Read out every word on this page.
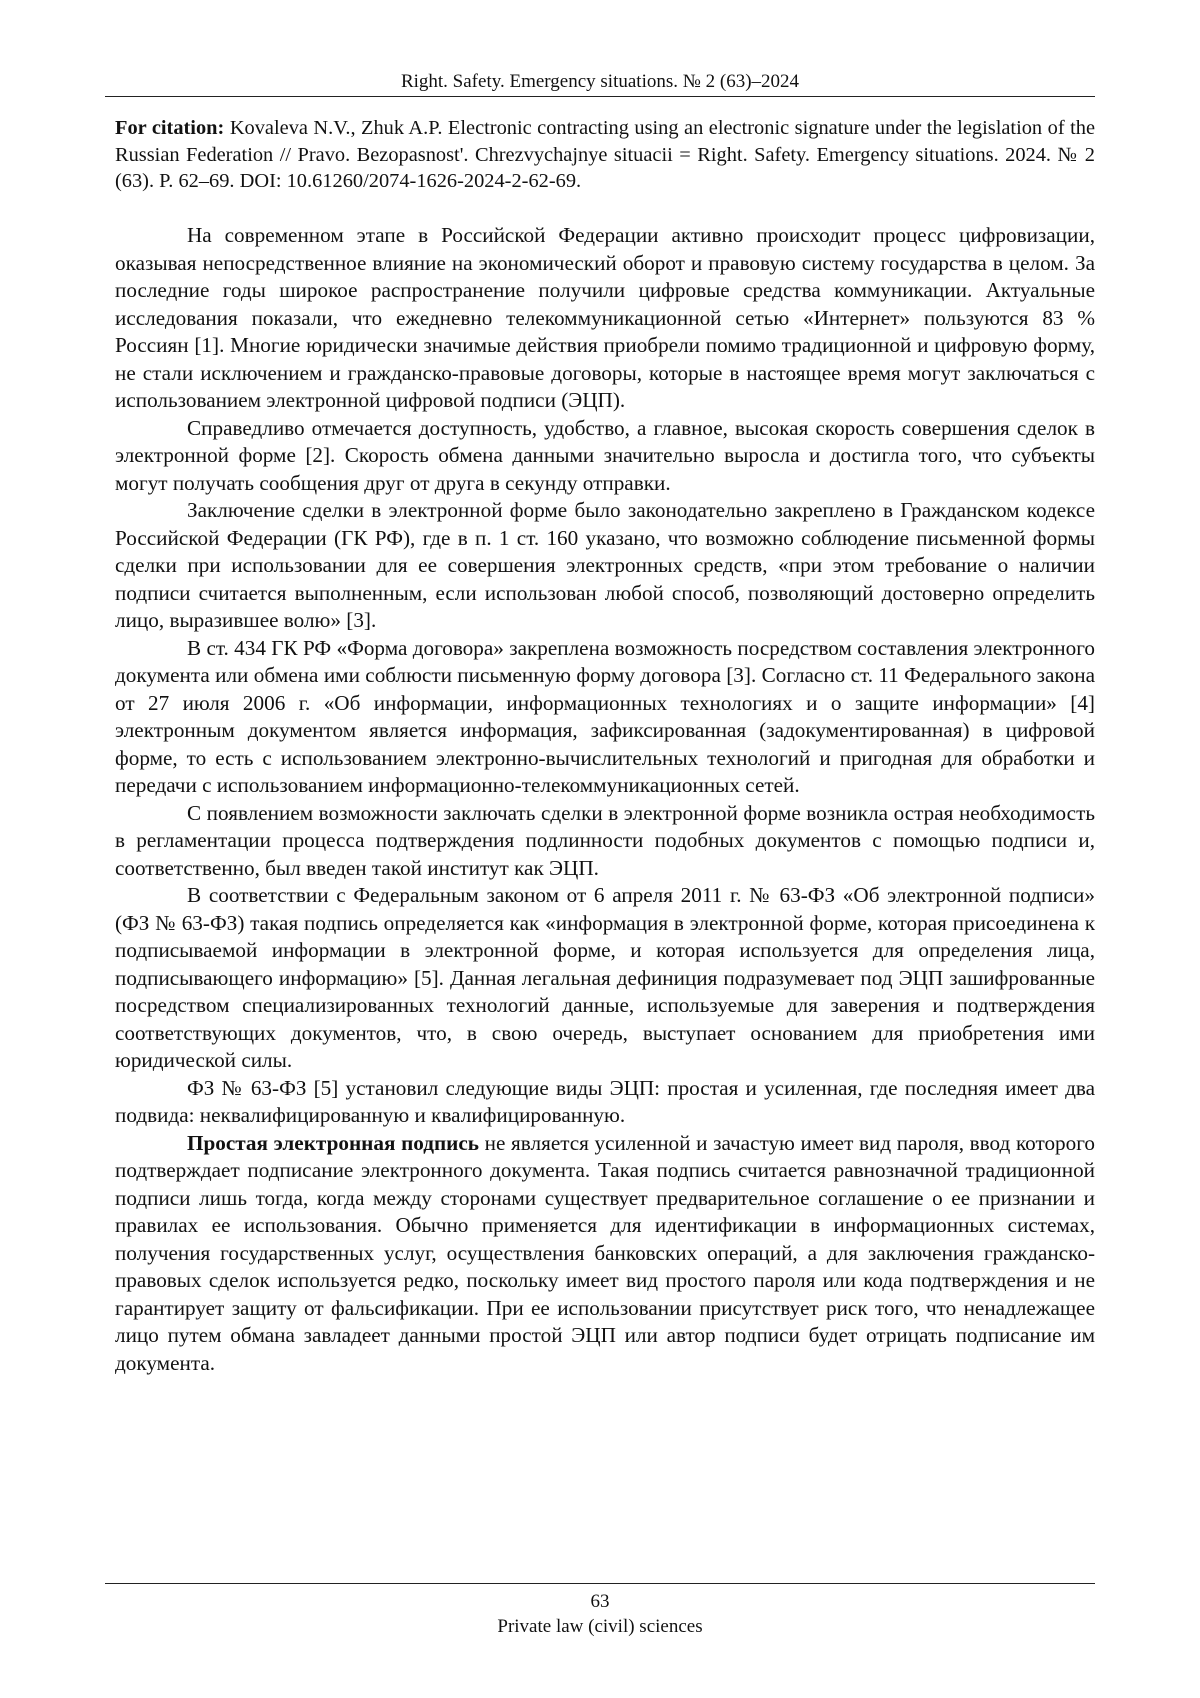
Right. Safety. Emergency situations. № 2 (63)–2024
For citation: Kovaleva N.V., Zhuk A.P. Electronic contracting using an electronic signature under the legislation of the Russian Federation // Pravo. Bezopasnost'. Chrezvychajnye situacii = Right. Safety. Emergency situations. 2024. № 2 (63). P. 62–69. DOI: 10.61260/2074-1626-2024-2-62-69.

На современном этапе в Российской Федерации активно происходит процесс цифровизации, оказывая непосредственное влияние на экономический оборот и правовую систему государства в целом. За последние годы широкое распространение получили цифровые средства коммуникации. Актуальные исследования показали, что ежедневно телекоммуникационной сетью «Интернет» пользуются 83 % Россиян [1]. Многие юридически значимые действия приобрели помимо традиционной и цифровую форму, не стали исключением и гражданско-правовые договоры, которые в настоящее время могут заключаться с использованием электронной цифровой подписи (ЭЦП).

Справедливо отмечается доступность, удобство, а главное, высокая скорость совершения сделок в электронной форме [2]. Скорость обмена данными значительно выросла и достигла того, что субъекты могут получать сообщения друг от друга в секунду отправки.

Заключение сделки в электронной форме было законодательно закреплено в Гражданском кодексе Российской Федерации (ГК РФ), где в п. 1 ст. 160 указано, что возможно соблюдение письменной формы сделки при использовании для ее совершения электронных средств, «при этом требование о наличии подписи считается выполненным, если использован любой способ, позволяющий достоверно определить лицо, выразившее волю» [3].

В ст. 434 ГК РФ «Форма договора» закреплена возможность посредством составления электронного документа или обмена ими соблюсти письменную форму договора [3]. Согласно ст. 11 Федерального закона от 27 июля 2006 г. «Об информации, информационных технологиях и о защите информации» [4] электронным документом является информация, зафиксированная (задокументированная) в цифровой форме, то есть с использованием электронно-вычислительных технологий и пригодная для обработки и передачи с использованием информационно-телекоммуникационных сетей.

С появлением возможности заключать сделки в электронной форме возникла острая необходимость в регламентации процесса подтверждения подлинности подобных документов с помощью подписи и, соответственно, был введен такой институт как ЭЦП.

В соответствии с Федеральным законом от 6 апреля 2011 г. № 63-ФЗ «Об электронной подписи» (ФЗ № 63-ФЗ) такая подпись определяется как «информация в электронной форме, которая присоединена к подписываемой информации в электронной форме, и которая используется для определения лица, подписывающего информацию» [5]. Данная легальная дефиниция подразумевает под ЭЦП зашифрованные посредством специализированных технологий данные, используемые для заверения и подтверждения соответствующих документов, что, в свою очередь, выступает основанием для приобретения ими юридической силы.

ФЗ № 63-ФЗ [5] установил следующие виды ЭЦП: простая и усиленная, где последняя имеет два подвида: неквалифицированную и квалифицированную.

Простая электронная подпись не является усиленной и зачастую имеет вид пароля, ввод которого подтверждает подписание электронного документа. Такая подпись считается равнозначной традиционной подписи лишь тогда, когда между сторонами существует предварительное соглашение о ее признании и правилах ее использования. Обычно применяется для идентификации в информационных системах, получения государственных услуг, осуществления банковских операций, а для заключения гражданско-правовых сделок используется редко, поскольку имеет вид простого пароля или кода подтверждения и не гарантирует защиту от фальсификации. При ее использовании присутствует риск того, что ненадлежащее лицо путем обмана завладеет данными простой ЭЦП или автор подписи будет отрицать подписание им документа.

63
Private law (civil) sciences
